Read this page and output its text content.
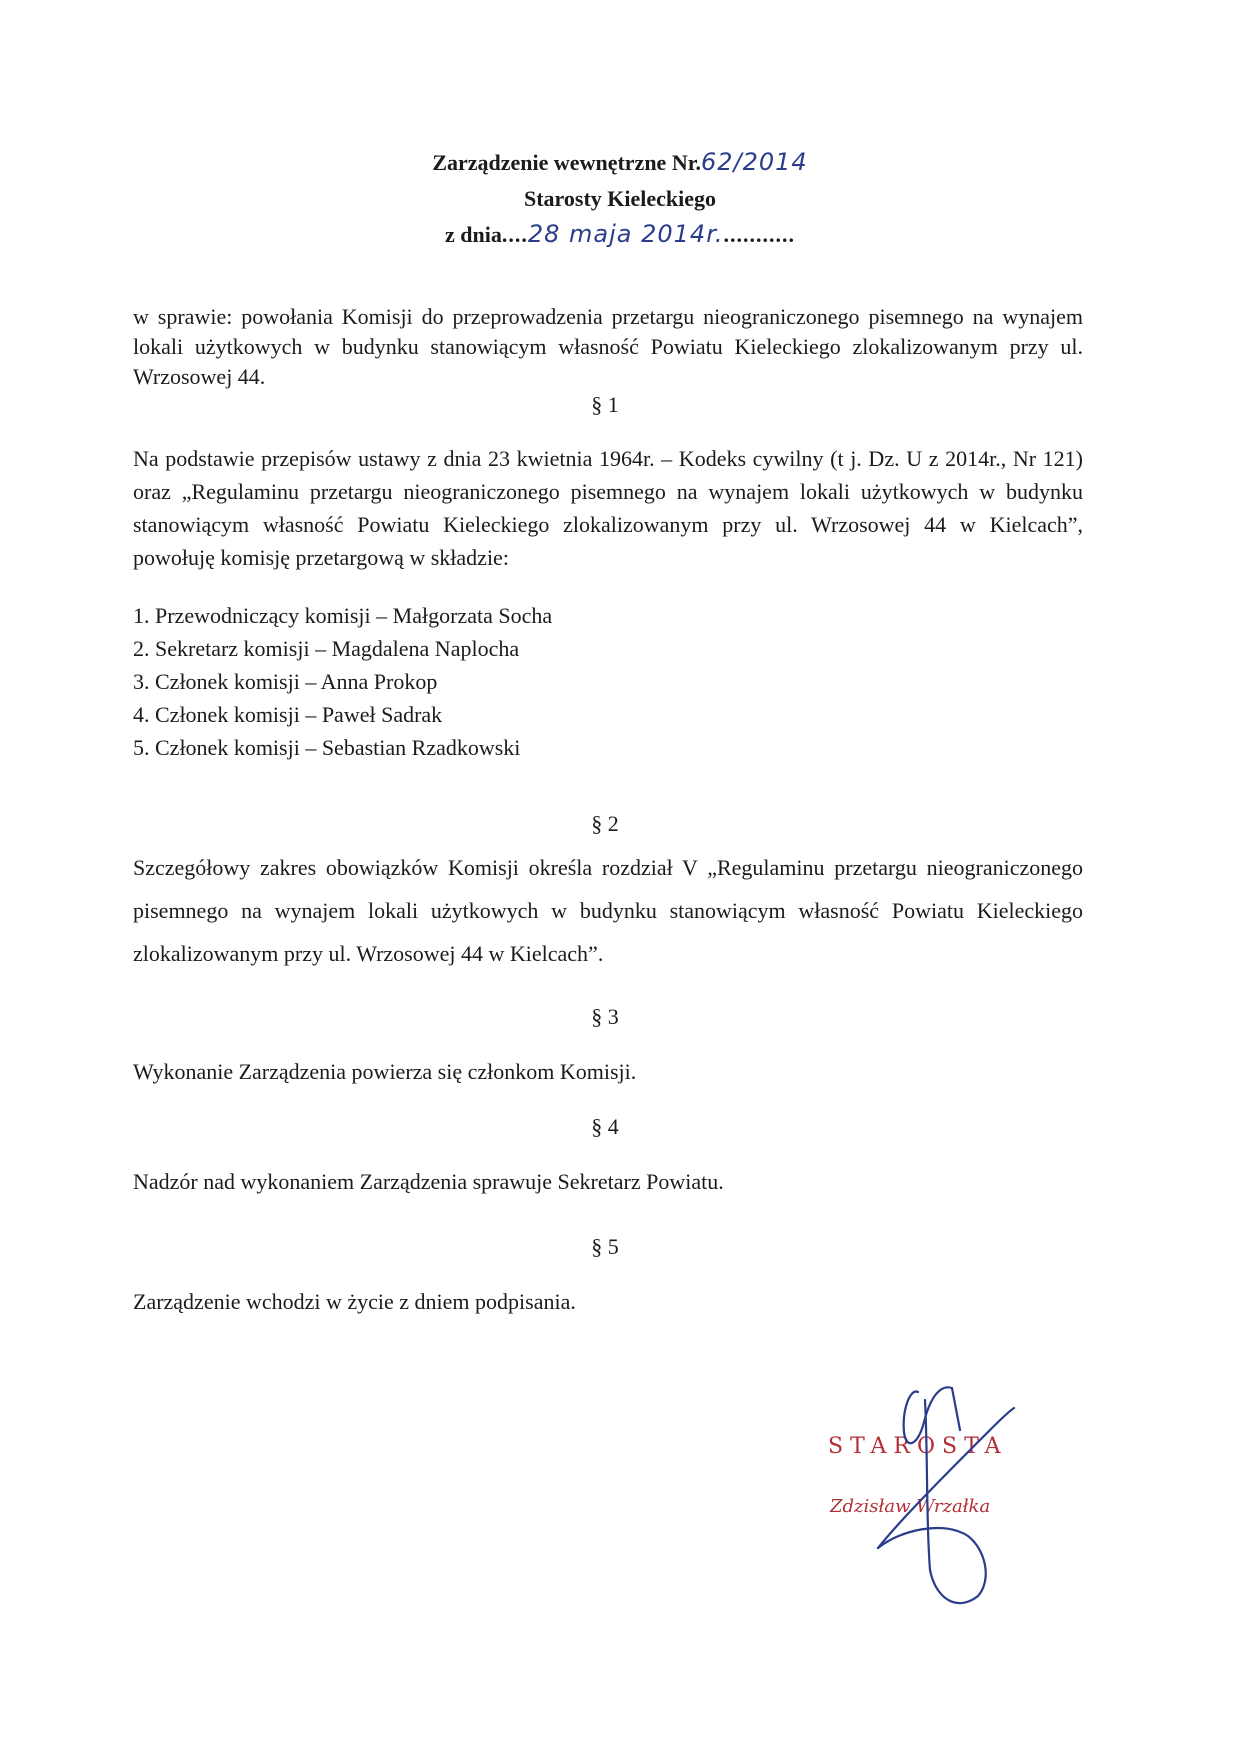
Zarządzenie wewnętrzne Nr.62/2014
Starosty Kieleckiego
z dnia....28 maja 2014r............
w sprawie: powołania Komisji do przeprowadzenia przetargu nieograniczonego pisemnego na wynajem lokali użytkowych w budynku stanowiącym własność Powiatu Kieleckiego zlokalizowanym przy ul. Wrzosowej 44.
§ 1
Na podstawie przepisów ustawy z dnia 23 kwietnia 1964r. – Kodeks cywilny (t j. Dz. U z 2014r., Nr 121) oraz „Regulaminu przetargu nieograniczonego pisemnego na wynajem lokali użytkowych w budynku stanowiącym własność Powiatu Kieleckiego zlokalizowanym przy ul. Wrzosowej 44 w Kielcach”, powołuję komisję przetargową w składzie:
1. Przewodniczący komisji – Małgorzata Socha
2. Sekretarz komisji – Magdalena Naplocha
3. Członek komisji – Anna Prokop
4. Członek komisji – Paweł Sadrak
5. Członek komisji – Sebastian Rzadkowski
§ 2
Szczegółowy zakres obowiązków Komisji określa rozdział V „Regulaminu przetargu nieograniczonego pisemnego na wynajem lokali użytkowych w budynku stanowiącym własność Powiatu Kieleckiego zlokalizowanym przy ul. Wrzosowej 44 w Kielcach”.
§ 3
Wykonanie Zarządzenia powierza się członkom Komisji.
§ 4
Nadzór nad wykonaniem Zarządzenia sprawuje Sekretarz Powiatu.
§ 5
Zarządzenie wchodzi w życie z dniem podpisania.
STAROSTA
Zdzisław Wrzałka
